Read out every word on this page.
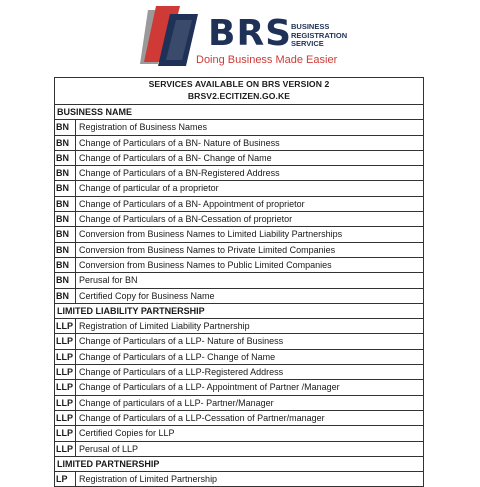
BRS
BUSINESS
REGISTRATION
SERVICE
Doing Business Made Easier
SERVICES AVAILABLE ON BRS VERSION 2
BRSV2.ECITIZEN.GO.KE
BUSINESS NAME
BN	Registration of Business Names
BN	Change of Particulars of a BN- Nature of Business
BN	Change of Particulars of a BN- Change of Name
BN	Change of Particulars of a BN-Registered Address
BN	Change of particular of a proprietor
BN	Change of Particulars of a BN- Appointment of proprietor
BN	Change of Particulars of a BN-Cessation of proprietor
BN	Conversion from Business Names to Limited Liability Partnerships
BN	Conversion from Business Names to Private Limited Companies
BN	Conversion from Business Names to Public Limited Companies
BN	Perusal for BN
BN	Certified Copy for Business Name
LIMITED LIABILITY PARTNERSHIP
LLP Registration of Limited Liability Partnership
LLP Change of Particulars of a LLP- Nature of Business
LLP Change of Particulars of a LLP- Change of Name
LLP Change of Particulars of a LLP-Registered Address
LLP Change of Particulars of a LLP- Appointment of Partner /Manager
LLP Change of particulars of a LLP- Partner/Manager
LLP Change of Particulars of a LLP-Cessation of Partner/manager
LLP Certified Copies for LLP
LLP Perusal of LLP
LIMITED PARTNERSHIP
LP	Registration of Limited Partnership
